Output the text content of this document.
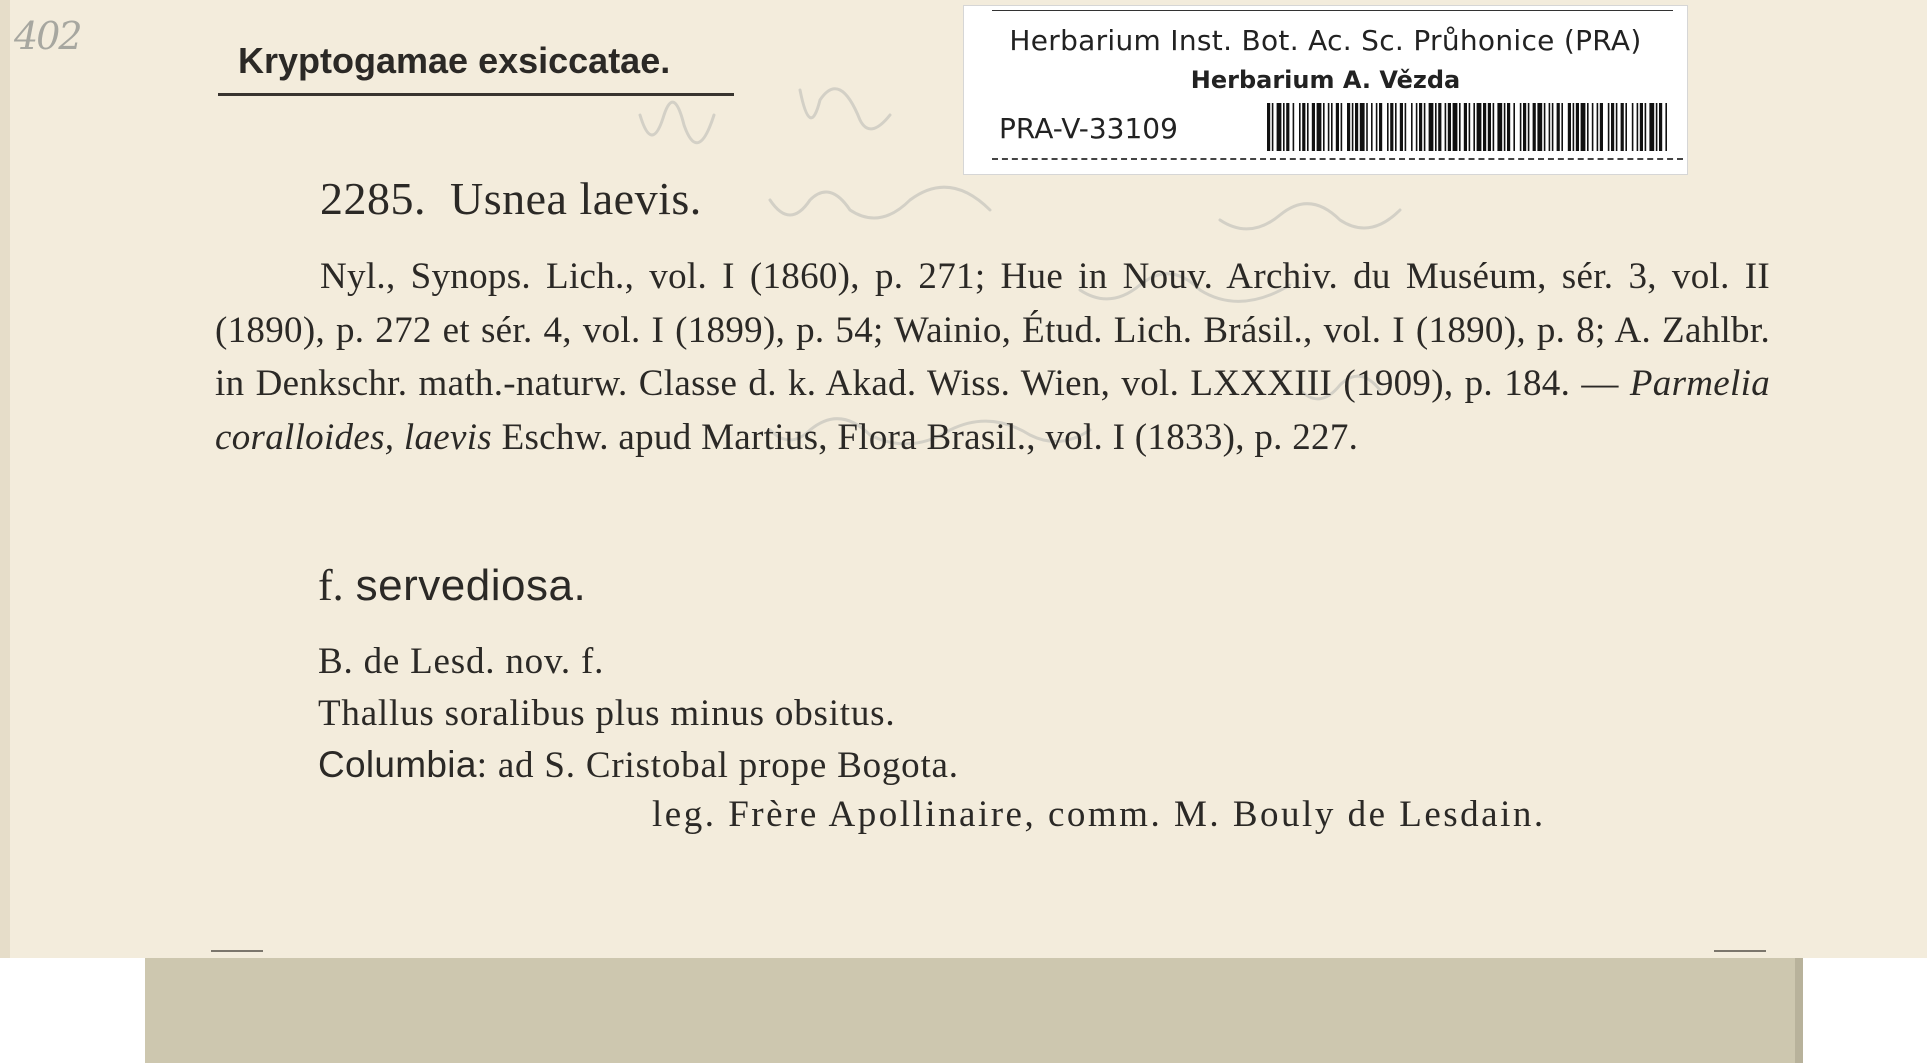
402
Kryptogamae exsiccatae.	Herbarium Inst. Bot. Ac. Sc. Průhonice (PRA)
Herbarium A. Vězda
PRA-V-33109
2285. Usnea laevis.
Nyl., Synops. Lich., vol. I (1860), p. 271; Hue in Nouv. Archiv. du Muséum, sér. 3, vol. II (1890), p. 272 et sér. 4, vol. I (1899), p. 54; Wainio, Étud. Lich. Brásil., vol. I (1890), p. 8; A. Zahlbr. in Denkschr. math.-naturw. Classe d. k. Akad. Wiss. Wien, vol. LXXXIII (1909), p. 184. — Parmelia coralloides, laevis Eschw. apud Martius, Flora Brasil., vol. I (1833), p. 227.
f. servediosa.
B. de Lesd. nov. f.
Thallus soralibus plus minus obsitus.
Columbia: ad S. Cristobal prope Bogota.
leg. Frère Apollinaire, comm. M. Bouly de Lesdain.
